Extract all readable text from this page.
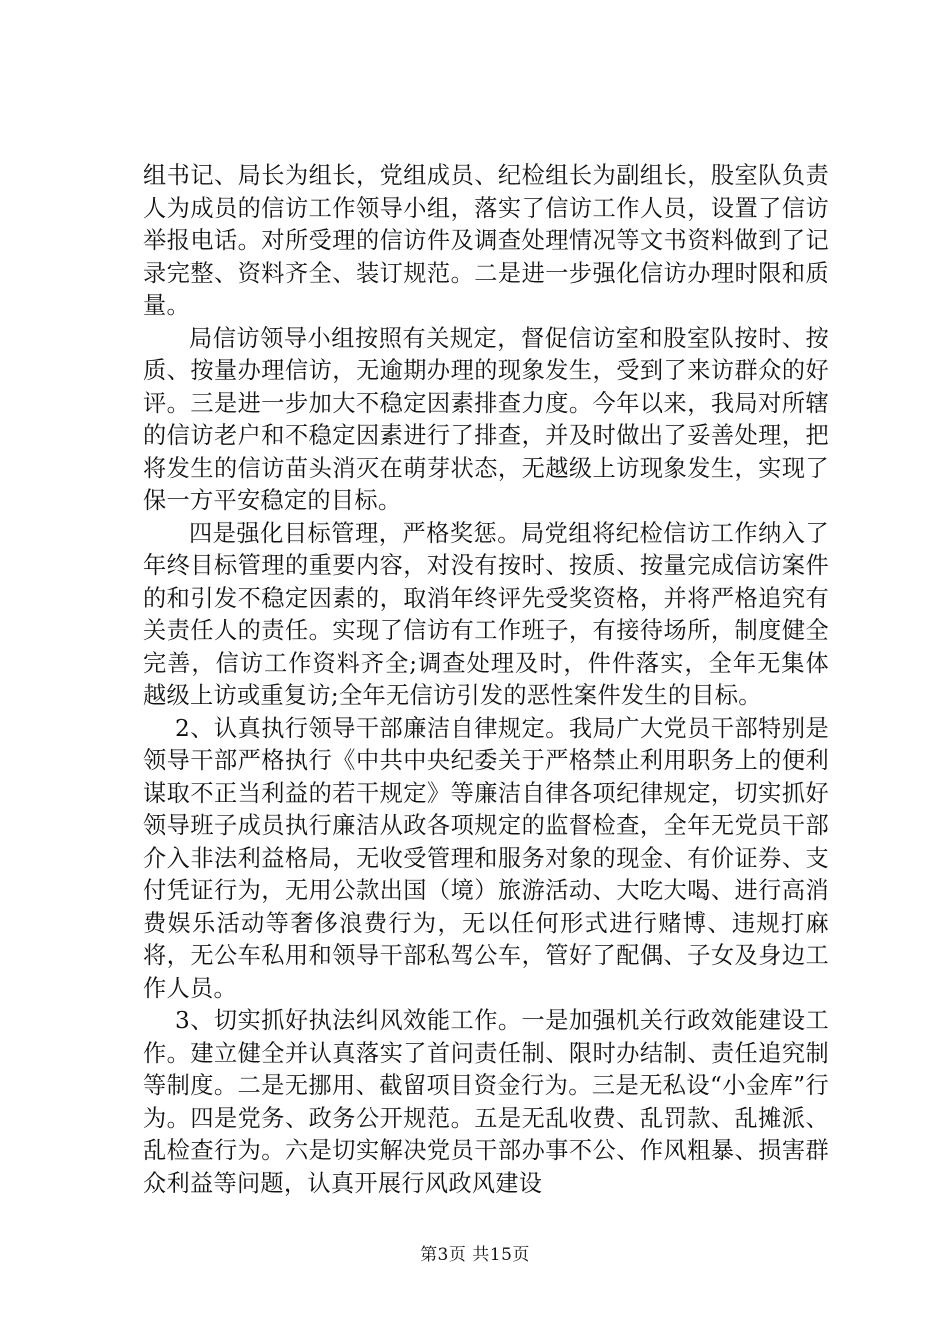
组书记、局长为组长，党组成员、纪检组长为副组长，股室队负责人为成员的信访工作领导小组，落实了信访工作人员，设置了信访举报电话。对所受理的信访件及调查处理情况等文书资料做到了记录完整、资料齐全、装订规范。二是进一步强化信访办理时限和质量。

局信访领导小组按照有关规定，督促信访室和股室队按时、按质、按量办理信访，无逾期办理的现象发生，受到了来访群众的好评。三是进一步加大不稳定因素排查力度。今年以来，我局对所辖的信访老户和不稳定因素进行了排查，并及时做出了妥善处理，把将发生的信访苗头消灭在萌芽状态，无越级上访现象发生，实现了保一方平安稳定的目标。

四是强化目标管理，严格奖惩。局党组将纪检信访工作纳入了年终目标管理的重要内容，对没有按时、按质、按量完成信访案件的和引发不稳定因素的，取消年终评先受奖资格，并将严格追究有关责任人的责任。实现了信访有工作班子，有接待场所，制度健全完善，信访工作资料齐全;调查处理及时，件件落实，全年无集体越级上访或重复访;全年无信访引发的恶性案件发生的目标。

2、认真执行领导干部廉洁自律规定。我局广大党员干部特别是领导干部严格执行《中共中央纪委关于严格禁止利用职务上的便利谋取不正当利益的若干规定》等廉洁自律各项纪律规定，切实抓好领导班子成员执行廉洁从政各项规定的监督检查，全年无党员干部介入非法利益格局，无收受管理和服务对象的现金、有价证券、支付凭证行为，无用公款出国（境）旅游活动、大吃大喝、进行高消费娱乐活动等奢侈浪费行为，无以任何形式进行赌博、违规打麻将，无公车私用和领导干部私驾公车，管好了配偶、子女及身边工作人员。

3、切实抓好执法纠风效能工作。一是加强机关行政效能建设工作。建立健全并认真落实了首问责任制、限时办结制、责任追究制等制度。二是无挪用、截留项目资金行为。三是无私设“小金库”行为。四是党务、政务公开规范。五是无乱收费、乱罚款、乱摊派、乱检查行为。六是切实解决党员干部办事不公、作风粗暴、损害群众利益等问题，认真开展行风政风建设

第3页 共15页
